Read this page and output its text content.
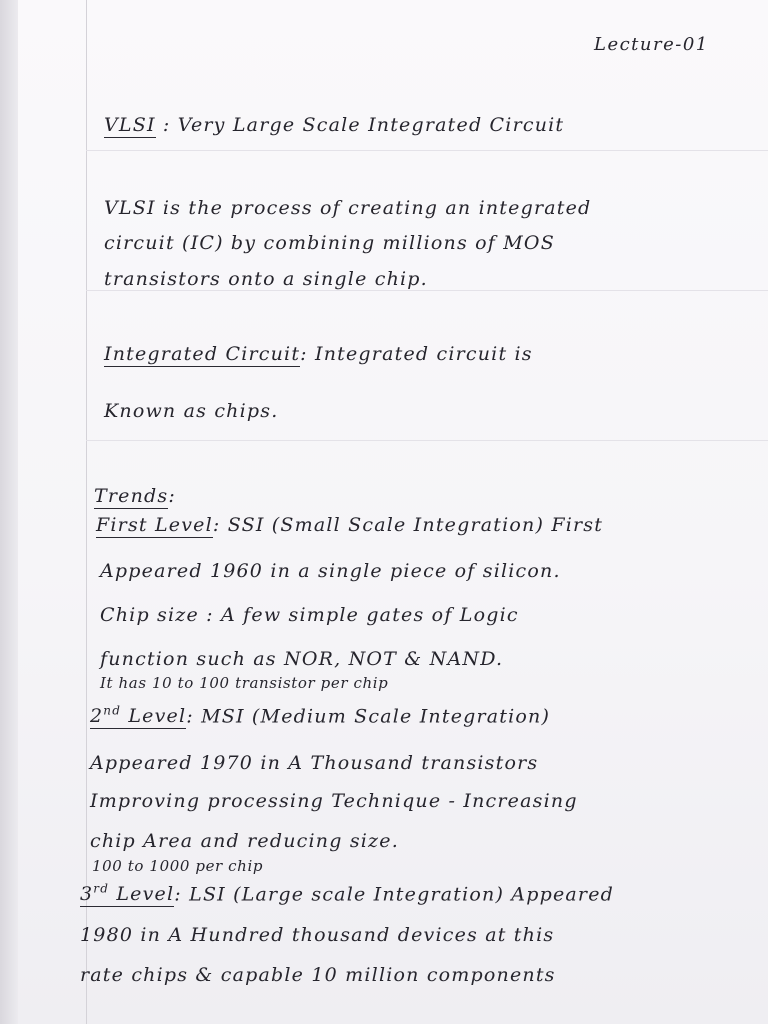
Lecture-01
VLSI : Very Large Scale Integrated Circuit
VLSI is the process of creating an integrated
circuit (IC) by combining millions of MOS
transistors onto a single chip.
Integrated Circuit: Integrated circuit is
Known as chips.
Trends:
First Level: SSI (Small Scale Integration) First
Appeared 1960 in a single piece of silicon.
Chip size : A few simple gates of Logic
function such as NOR, NOT & NAND.
It has 10 to 100 transistor per chip
2nd Level: MSI (Medium Scale Integration)
Appeared 1970 in A Thousand transistors
Improving processing Technique - Increasing
chip Area and reducing size.
100 to 1000 per chip
3rd Level: LSI (Large scale Integration) Appeared
1980 in A Hundred thousand devices at this
rate chips & capable 10 million components
